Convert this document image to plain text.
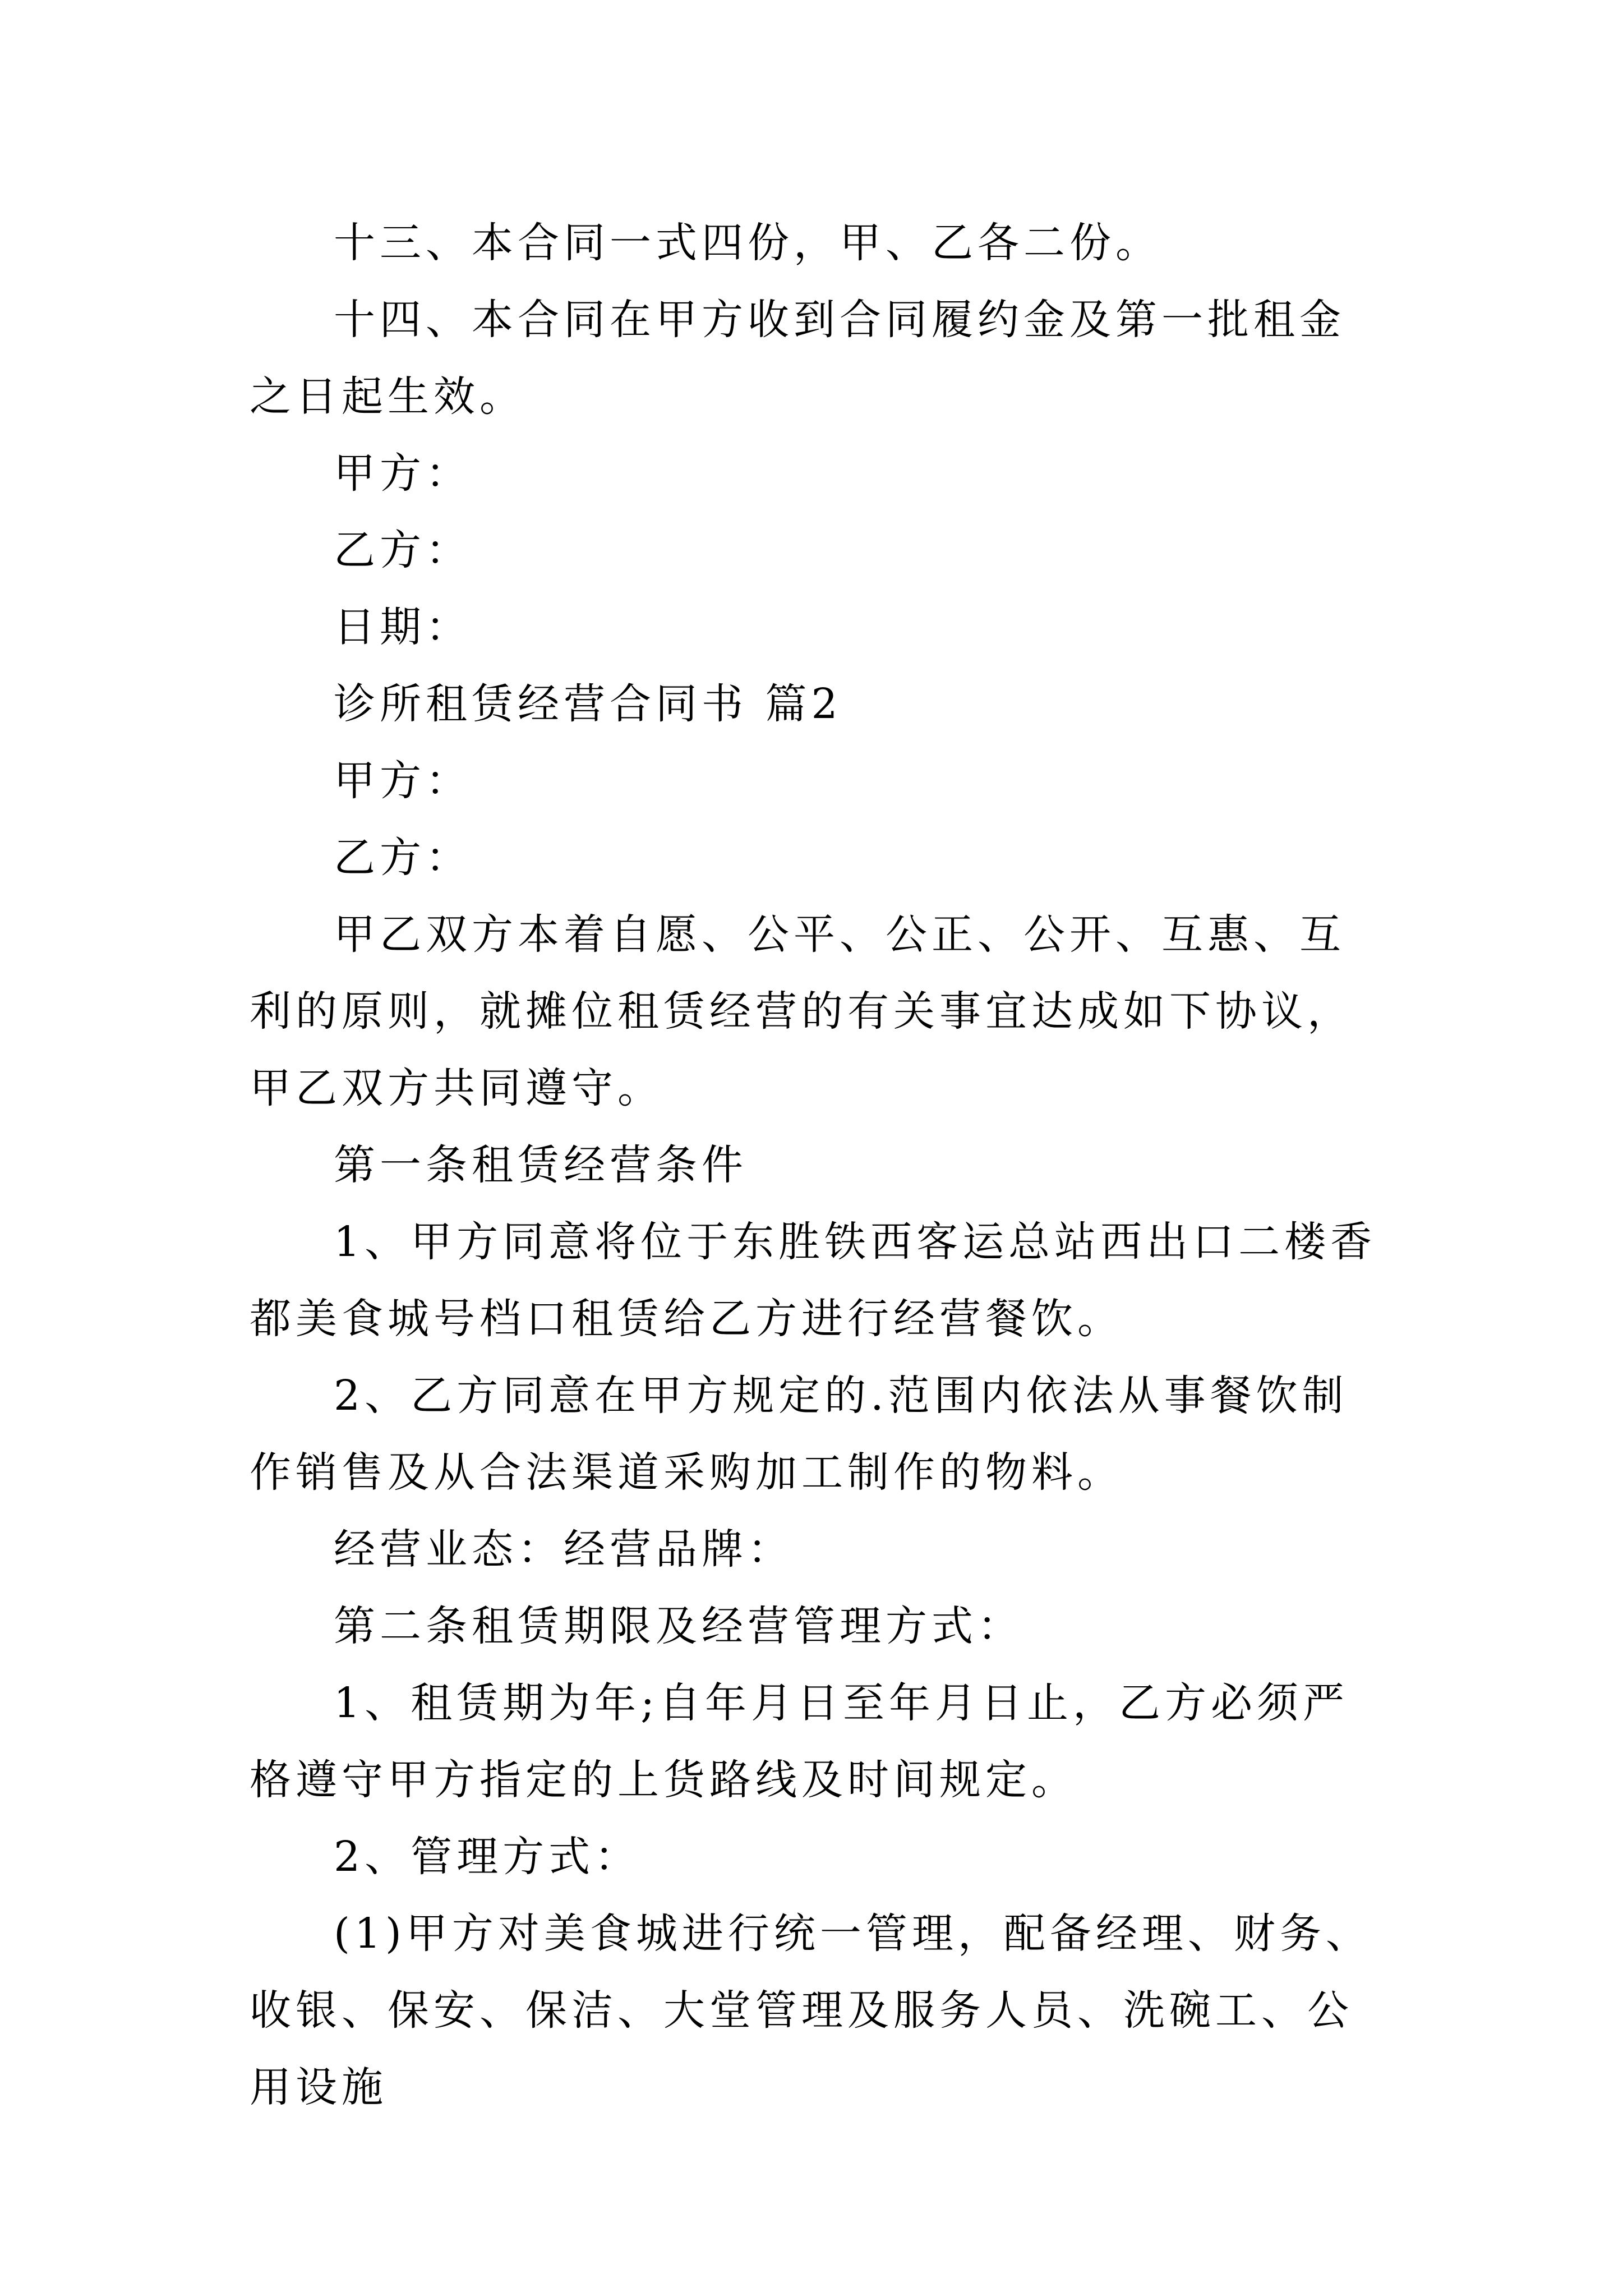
十三、本合同一式四份，甲、乙各二份。

十四、本合同在甲方收到合同履约金及第一批租金之日起生效。

甲方：

乙方：

日期：

诊所租赁经营合同书 篇2

甲方：

乙方：

甲乙双方本着自愿、公平、公正、公开、互惠、互利的原则，就摊位租赁经营的有关事宜达成如下协议，甲乙双方共同遵守。

第一条租赁经营条件

1、甲方同意将位于东胜铁西客运总站西出口二楼香都美食城号档口租赁给乙方进行经营餐饮。

2、乙方同意在甲方规定的.范围内依法从事餐饮制作销售及从合法渠道采购加工制作的物料。

经营业态：经营品牌：

第二条租赁期限及经营管理方式：

1、租赁期为年;自年月日至年月日止，乙方必须严格遵守甲方指定的上货路线及时间规定。

2、管理方式：

(1)甲方对美食城进行统一管理，配备经理、财务、收银、保安、保洁、大堂管理及服务人员、洗碗工、公用设施
